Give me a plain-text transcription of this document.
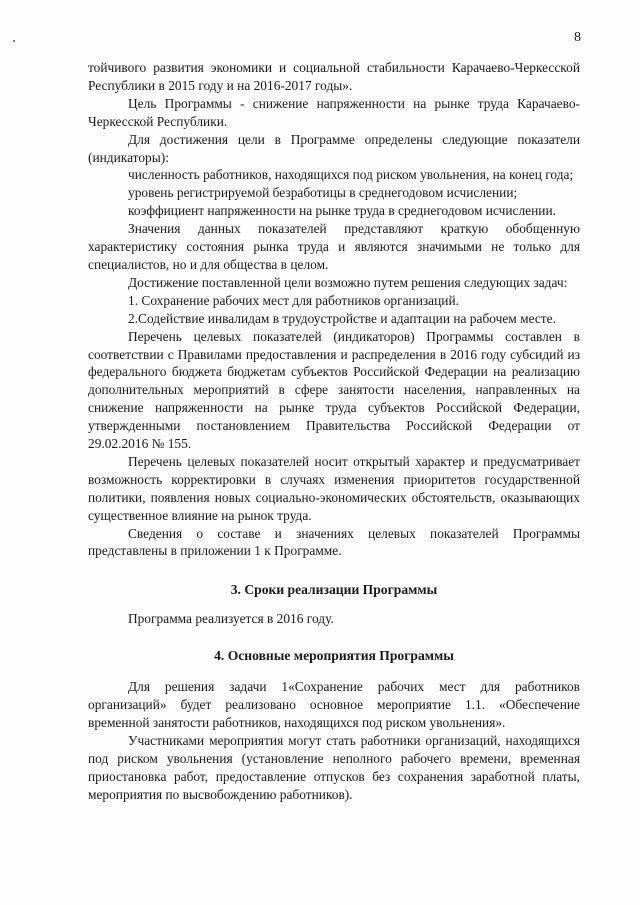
8

тойчивого развития экономики и социальной стабильности Карачаево-Черкесской Республики в 2015 году и на 2016-2017 годы».

Цель Программы - снижение напряженности на рынке труда Карачаево-Черкесской Республики.

Для достижения цели в Программе определены следующие показатели (индикаторы):

численность работников, находящихся под риском увольнения, на конец года;

уровень регистрируемой безработицы в среднегодовом исчислении;

коэффициент напряженности на рынке труда в среднегодовом исчислении.

Значения данных показателей представляют краткую обобщенную характеристику состояния рынка труда и являются значимыми не только для специалистов, но и для общества в целом.

Достижение поставленной цели возможно путем решения следующих задач:

1. Сохранение рабочих мест для работников организаций.

2.Содействие инвалидам в трудоустройстве и адаптации на рабочем месте.

Перечень целевых показателей (индикаторов) Программы составлен в соответствии с Правилами предоставления и распределения в 2016 году субсидий из федерального бюджета бюджетам субъектов Российской Федерации на реализацию дополнительных мероприятий в сфере занятости населения, направленных на снижение напряженности на рынке труда субъектов Российской Федерации, утвержденными постановлением Правительства Российской Федерации от 29.02.2016 № 155.

Перечень целевых показателей носит открытый характер и предусматривает возможность корректировки в случаях изменения приоритетов государственной политики, появления новых социально-экономических обстоятельств, оказывающих существенное влияние на рынок труда.

Сведения о составе и значениях целевых показателей Программы представлены в приложении 1 к Программе.

3. Сроки реализации Программы

Программа реализуется в 2016 году.

4. Основные мероприятия Программы

Для решения задачи 1«Сохранение рабочих мест для работников организаций» будет реализовано основное мероприятие 1.1. «Обеспечение временной занятости работников, находящихся под риском увольнения».

Участниками мероприятия могут стать работники организаций, находящихся под риском увольнения (установление неполного рабочего времени, временная приостановка работ, предоставление отпусков без сохранения заработной платы, мероприятия по высвобождению работников).
